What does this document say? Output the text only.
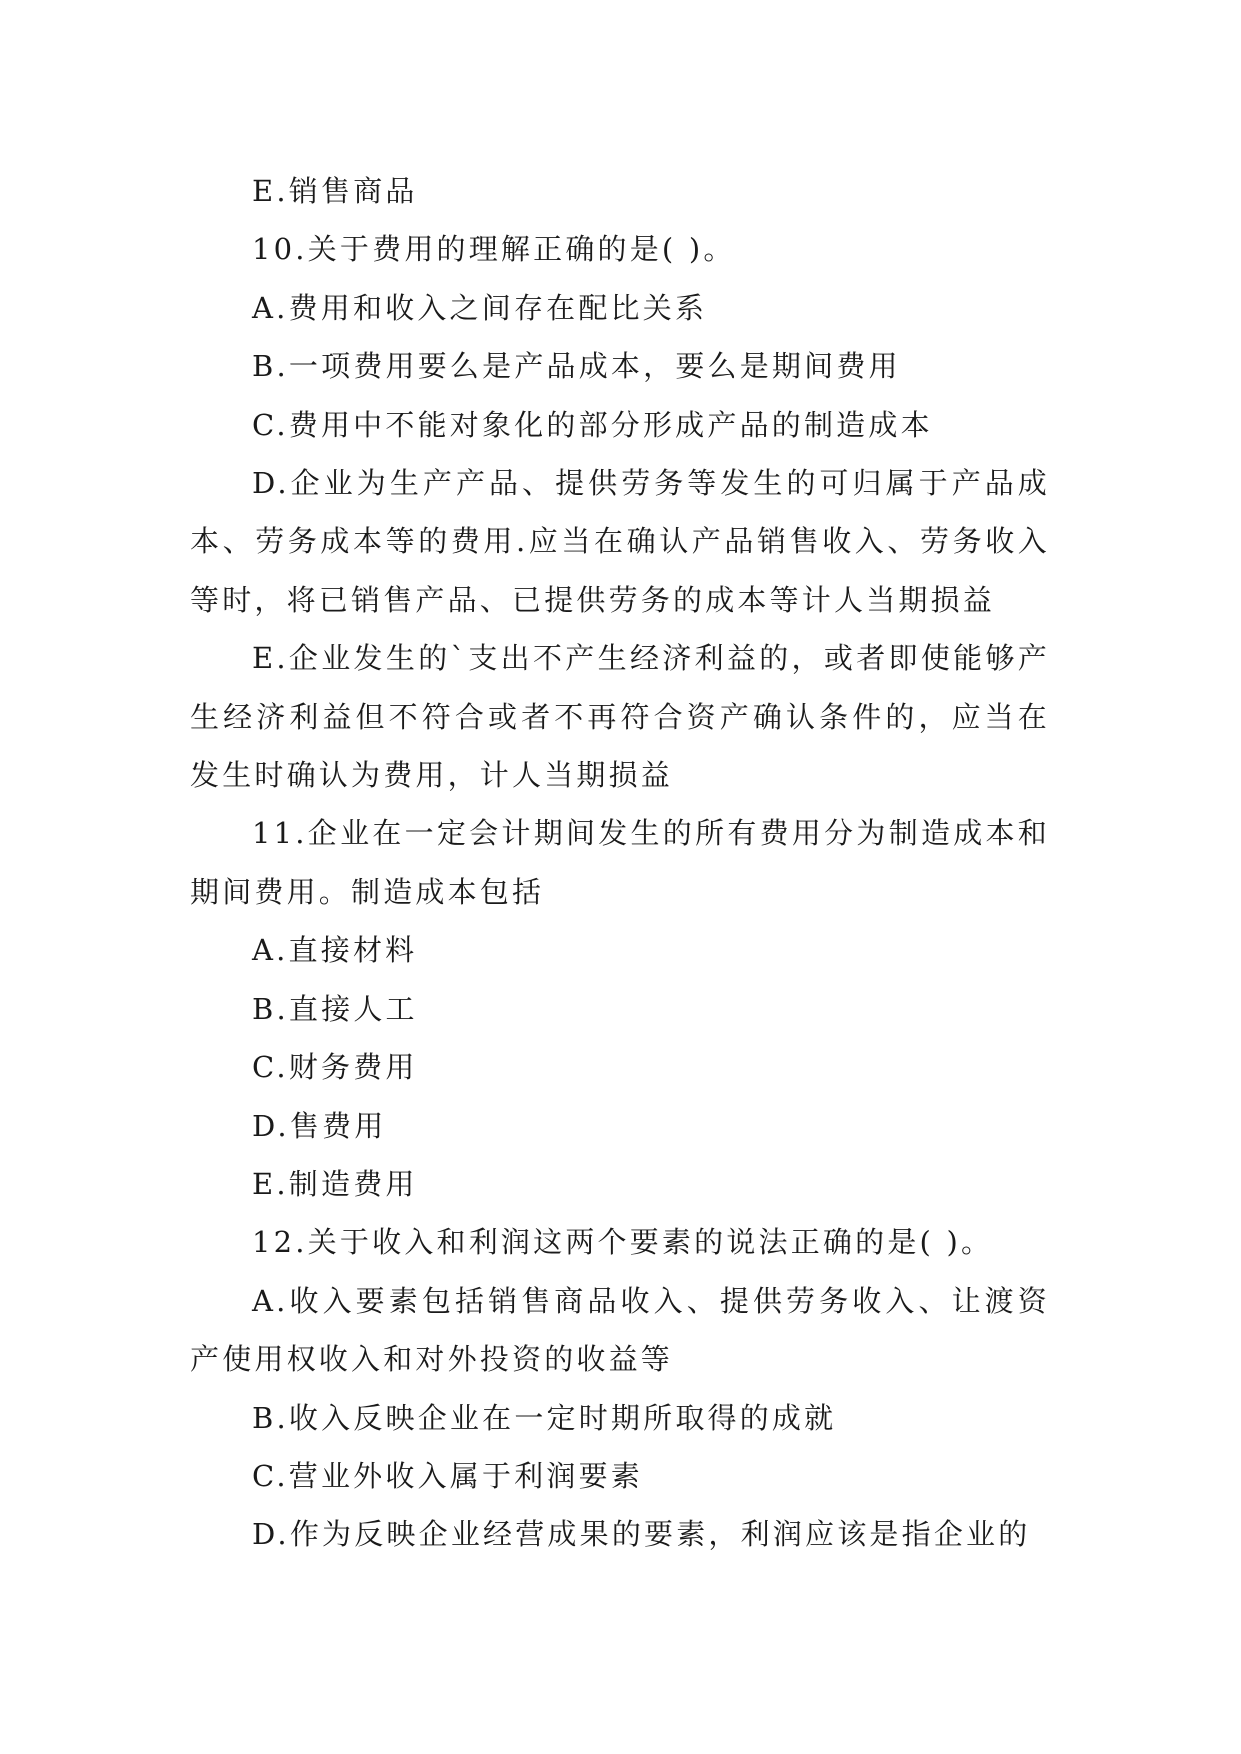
E.销售商品

10.关于费用的理解正确的是( )。

A.费用和收入之间存在配比关系

B.一项费用要么是产品成本，要么是期间费用

C.费用中不能对象化的部分形成产品的制造成本

D.企业为生产产品、提供劳务等发生的可归属于产品成本、劳务成本等的费用.应当在确认产品销售收入、劳务收入等时，将已销售产品、已提供劳务的成本等计人当期损益

E.企业发生的`支出不产生经济利益的，或者即使能够产生经济利益但不符合或者不再符合资产确认条件的，应当在发生时确认为费用，计人当期损益

11.企业在一定会计期间发生的所有费用分为制造成本和期间费用。制造成本包括

A.直接材料

B.直接人工

C.财务费用

D.售费用

E.制造费用

12.关于收入和利润这两个要素的说法正确的是( )。

A.收入要素包括销售商品收入、提供劳务收入、让渡资产使用权收入和对外投资的收益等

B.收入反映企业在一定时期所取得的成就

C.营业外收入属于利润要素

D.作为反映企业经营成果的要素，利润应该是指企业的
